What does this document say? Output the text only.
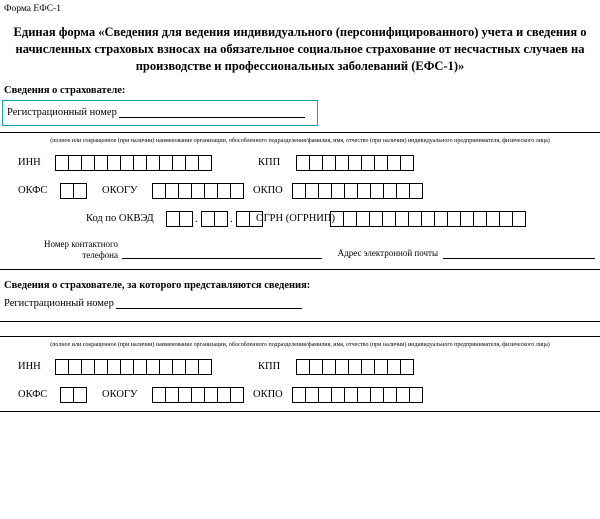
Форма ЕФС-1
Единая форма «Сведения для ведения индивидуального (персонифицированного) учета и сведения о начисленных страховых взносах на обязательное социальное страхование от несчастных случаев на производстве и профессиональных заболеваний (ЕФС-1)»
Сведения о страхователе:
Регистрационный номер
(полное или сокращенное (при наличии) наименование организации, обособленного подразделения/фамилия, имя, отчество (при наличии) индивидуального предпринимателя, физического лица)
ИНН	КПП
ОКФС	ОКОГУ	ОКПО
Код по ОКВЭД	.	. ОГРН (ОГРНИП)
Номер контактного
телефона	Адрес электронной почты
Сведения о страхователе, за которого представляются сведения:
Регистрационный номер
(полное или сокращенное (при наличии) наименование организации, обособленного подразделения/фамилия, имя, отчество (при наличии) индивидуального предпринимателя, физического лица)
ИНН	КПП
ОКФС	ОКОГУ	ОКПО
